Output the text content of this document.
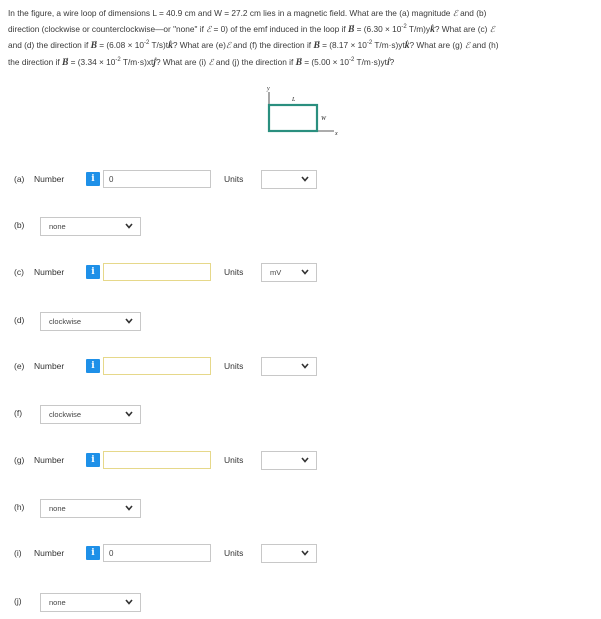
In the figure, a wire loop of dimensions L = 40.9 cm and W = 27.2 cm lies in a magnetic field. What are the (a) magnitude ℰ and (b)
direction (clockwise or counterclockwise—or "none" if ℰ = 0) of the emf induced in the loop if → $B = (6.30 \times 10^{-2}$ T/m)y^ k? What are (c) ℰ
and (d) the direction if → $B = (6.08 \times 10^{-2}$ T/s)t^ k? What are (e)ℰ and (f) the direction if → $B = (8.17 \times 10^{-2}$ T/m·s)yt^ k? What are (g) ℰ and (h)
the direction if → $B = (3.34 \times 10^{-2}$ T/m·s)xt^ j? What are (i) ℰ and (j) the direction if → $B = (5.00 \times 10^{-2}$ T/m·s)yt^ i?
y
x
L
W
(a) Number	i	0	Units
(b)	none
(c) Number	i	Units	mV
(d)	clockwise
(e) Number	i	Units
(f)	clockwise
(g) Number	i	Units
(h)	none
(i) Number	i	0	Units
(j)	none
